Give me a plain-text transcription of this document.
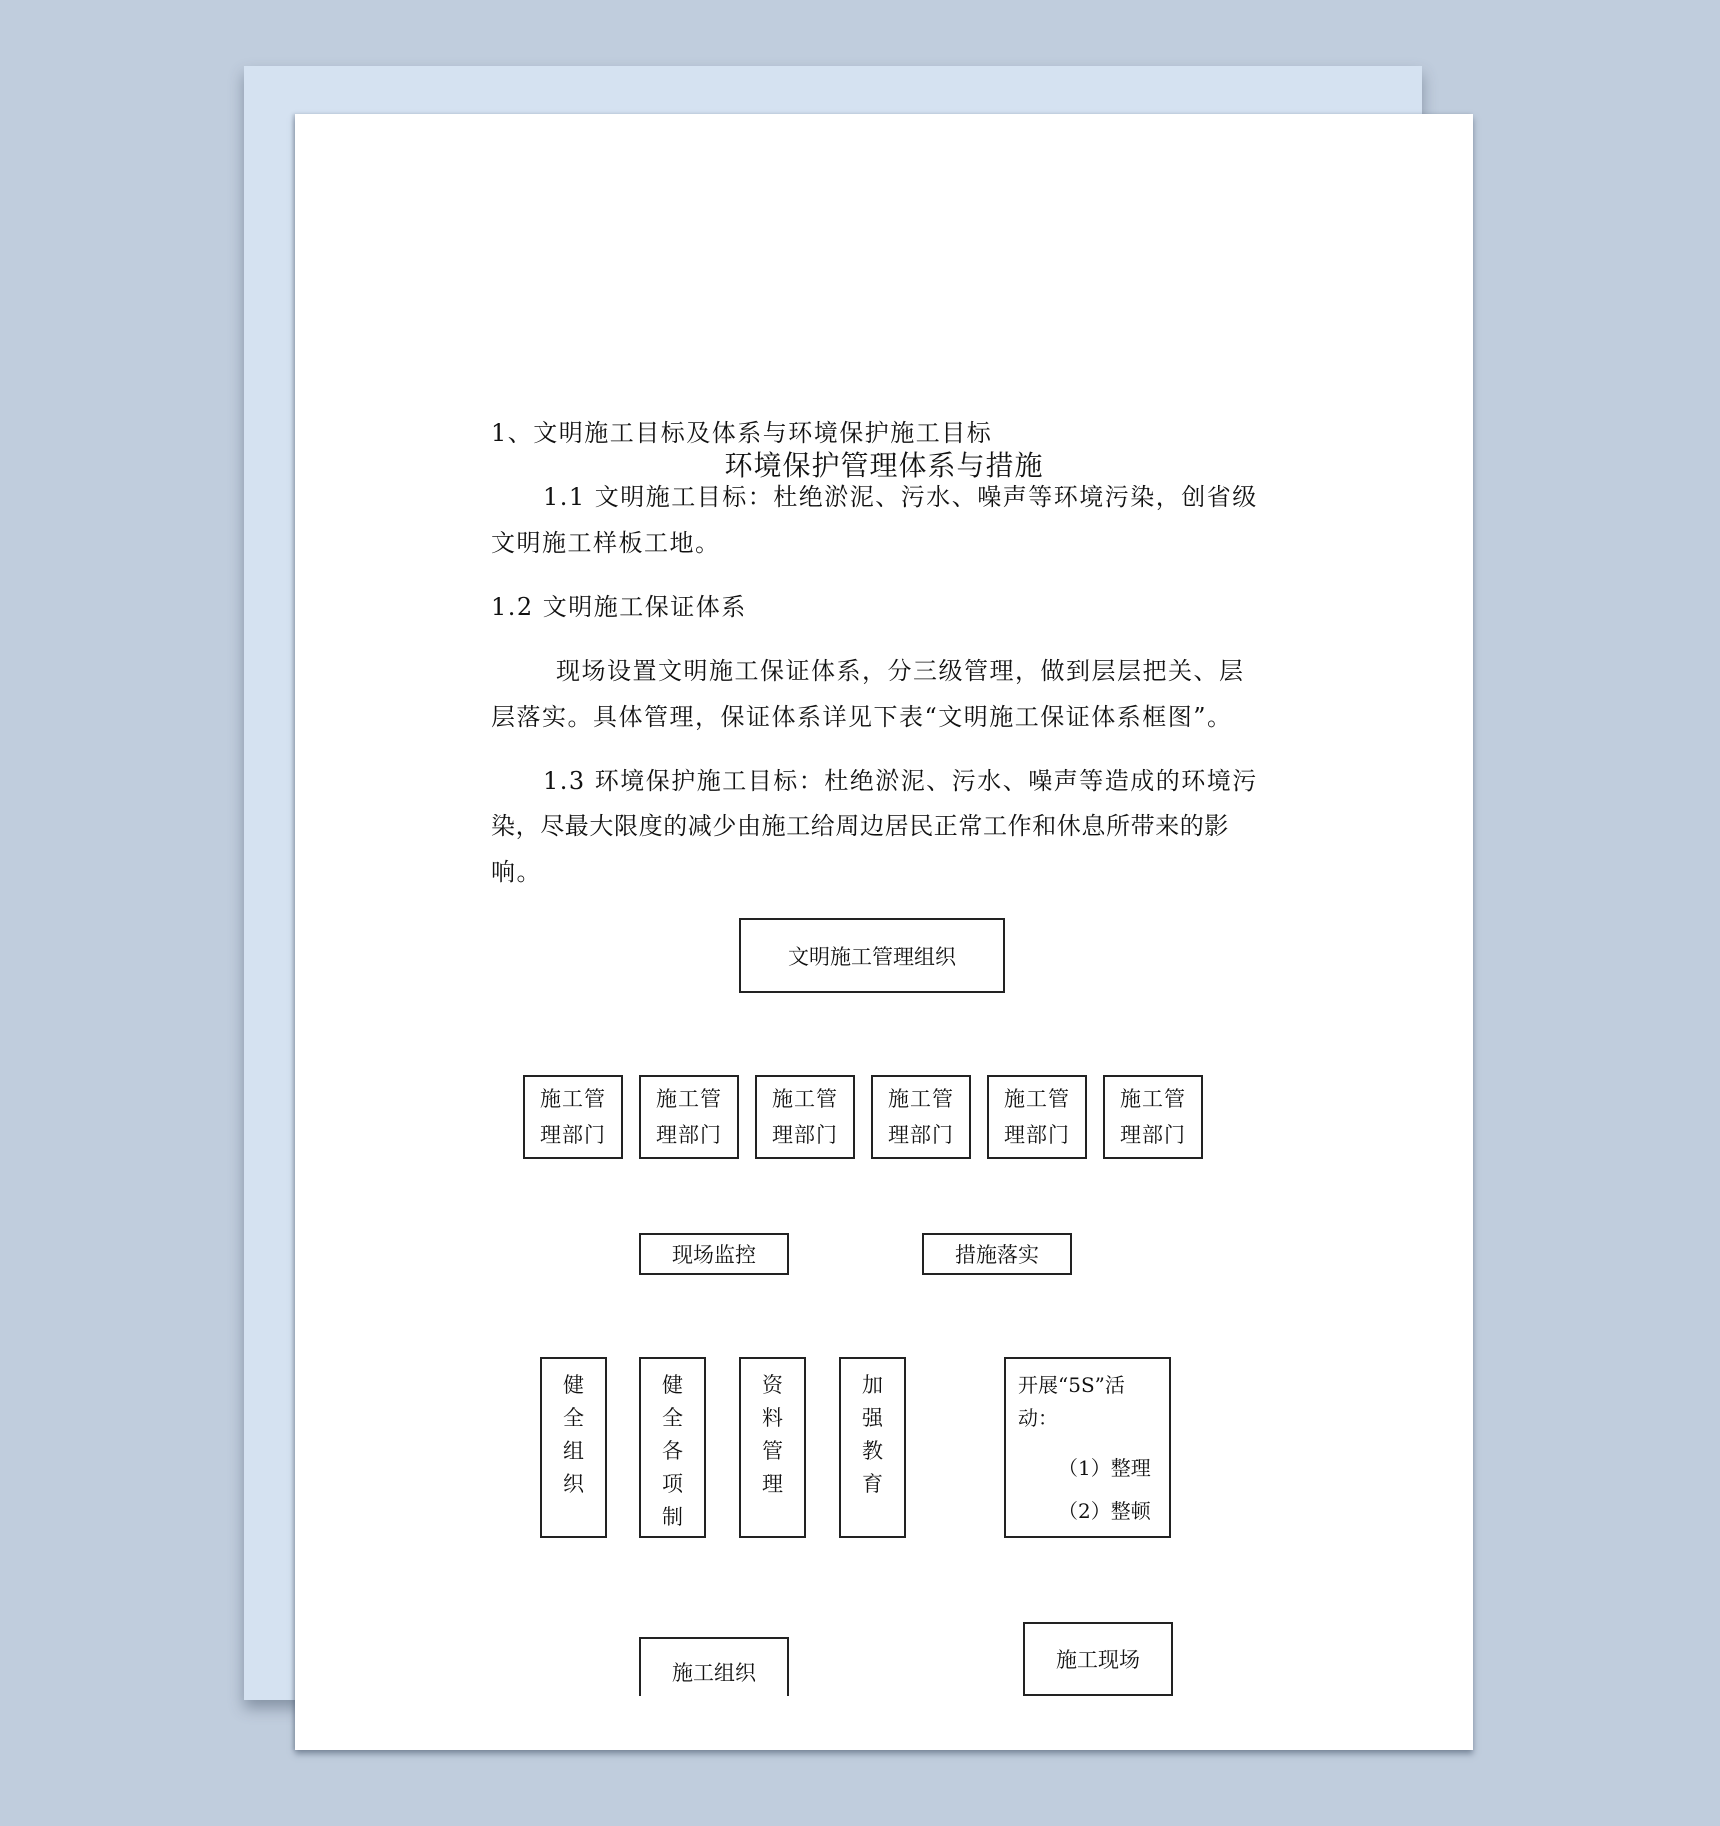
环境保护管理体系与措施
1、文明施工目标及体系与环境保护施工目标
1.1 文明施工目标：杜绝淤泥、污水、噪声等环境污染，创省级
文明施工样板工地。
1.2 文明施工保证体系
现场设置文明施工保证体系，分三级管理，做到层层把关、层
层落实。具体管理，保证体系详见下表“文明施工保证体系框图”。
1.3 环境保护施工目标：杜绝淤泥、污水、噪声等造成的环境污
染，尽最大限度的减少由施工给周边居民正常工作和休息所带来的影
响。
文明施工管理组织
施工管
理部门
施工管
理部门
施工管
理部门
施工管
理部门
施工管
理部门
施工管
理部门
现场监控	措施落实
健
全
组
织
健
全
各
项
制
资
料
管
理
加
强
教
育
开展“5S”活
动：
（1）整理
（2）整顿
施工组织
施工现场
